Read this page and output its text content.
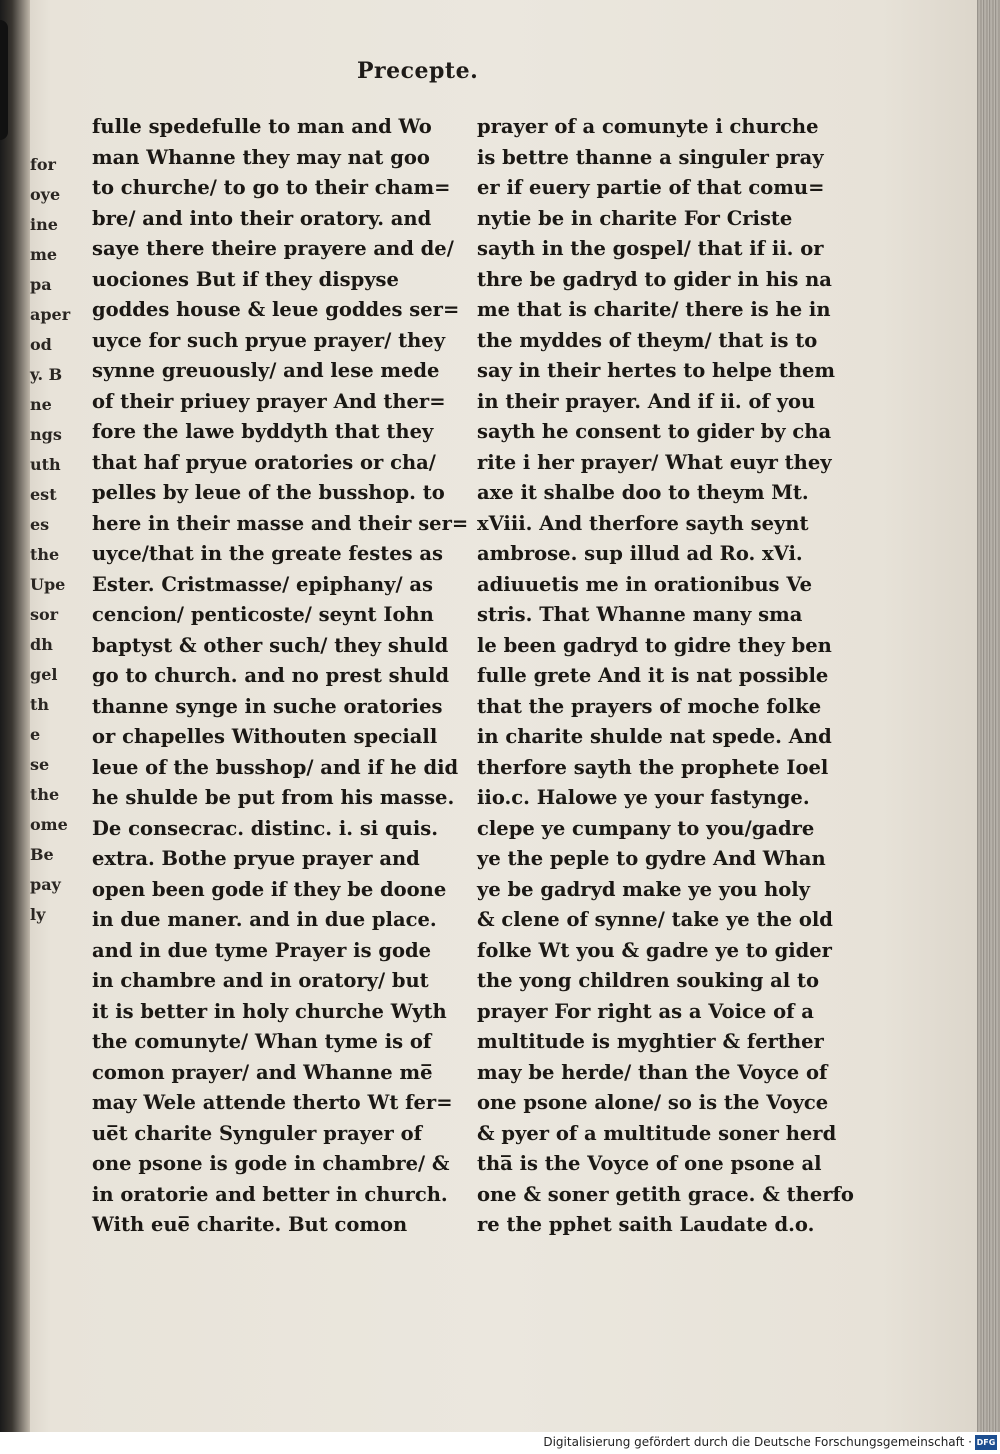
Precepte.
fulle spedefulle to man and Wo
man Whanne they may nat goo
to churche/ to go to their cham=
bre/ and into their oratory. and
saye there theire prayere and de/
uociones But if they dispyse
goddes house & leue goddes ser=
uyce for such pryue prayer/ they
synne greuously/ and lese mede
of their priuey prayer And ther=
fore the lawe byddyth that they
that haf pryue oratories or cha/
pelles by leue of the busshop. to
here in their masse and their ser=
uyce/that in the greate festes as
Ester. Cristmasse/ epiphany/ as
cencion/ penticoste/ seynt Iohn
baptyst & other such/ they shuld
go to church. and no prest shuld
thanne synge in suche oratories
or chapelles Withouten speciall
leue of the busshop/ and if he did
he shulde be put from his masse.
De consecrac. distinc. i. si quis.
extra. Bothe pryue prayer and
open been gode if they be doone
in due maner. and in due place.
and in due tyme Prayer is gode
in chambre and in oratory/ but
it is better in holy churche Wyth
the comunyte/ Whan tyme is of
comon prayer/ and Whanne me̅
may Wele attende therto Wt fer=
ue̅t charite Synguler prayer of
one psone is gode in chambre/ &
in oratorie and better in church.
With eue̅ charite. But comon
prayer of a comunyte i churche
is bettre thanne a singuler pray
er if euery partie of that comu=
nytie be in charite For Criste
sayth in the gospel/ that if ii. or
thre be gadryd to gider in his na
me that is charite/ there is he in
the myddes of theym/ that is to
say in their hertes to helpe them
in their prayer. And if ii. of you
sayth he consent to gider by cha
rite i her prayer/ What euyr they
axe it shalbe doo to theym Mt.
xViii. And therfore sayth seynt
ambrose. sup illud ad Ro. xVi.
adiuuetis me in orationibus Ve
stris. That Whanne many sma
le been gadryd to gidre they ben
fulle grete And it is nat possible
that the prayers of moche folke
in charite shulde nat spede. And
therfore sayth the prophete Ioel
iio.c. Halowe ye your fastynge.
clepe ye cumpany to you/gadre
ye the peple to gydre And Whan
ye be gadryd make ye you holy
& clene of synne/ take ye the old
folke Wt you & gadre ye to gider
the yong children souking al to
prayer For right as a Voice of a
multitude is myghtier & ferther
may be herde/ than the Voyce of
one psone alone/ so is the Voyce
& pyer of a multitude soner herd
tha̅ is the Voyce of one psone al
one & soner getith grace. & therfo
re the pphet saith Laudate d.o.
for
oye
ine
me
pa
aper
od
y. B
ne
ngs
uth
est
es
the
Upe
sor
dh
gel
th
e
se
the
ome
Be
pay
ly
Digitalisierung gefördert durch die Deutsche Forschungsgemeinschaft · DFG
